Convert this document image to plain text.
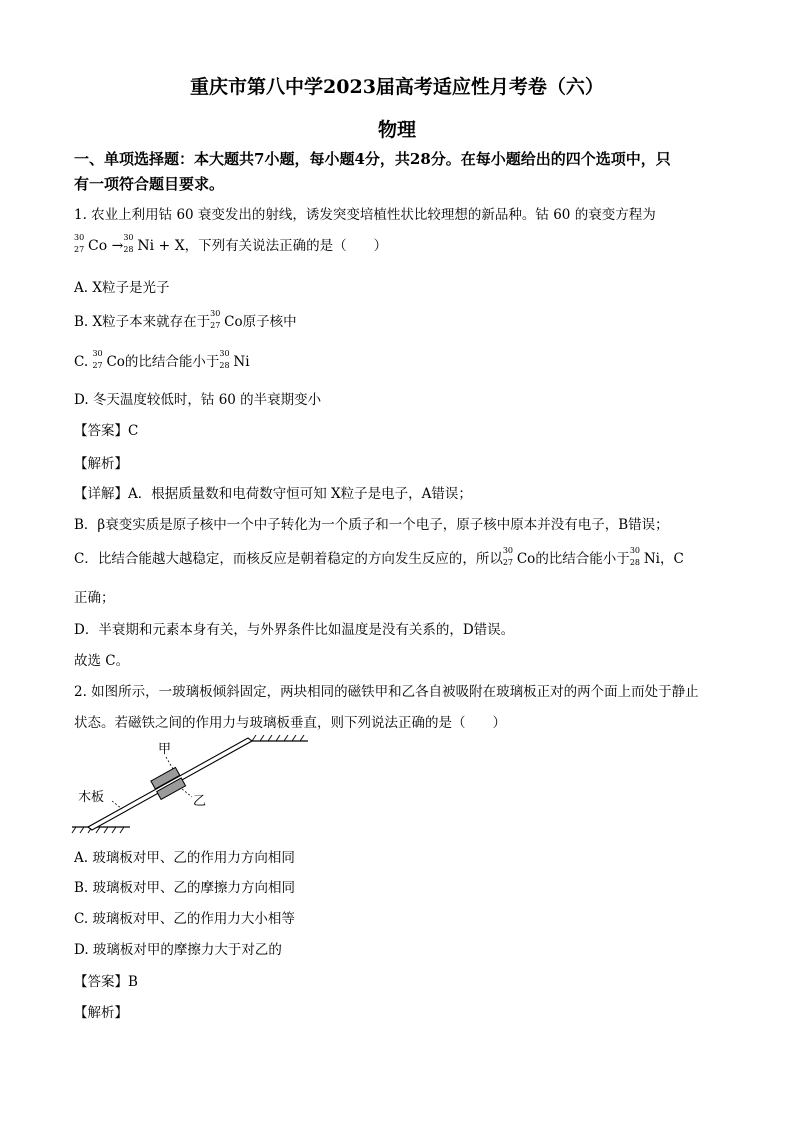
重庆市第八中学2023届高考适应性月考卷（六）
物理
一、单项选择题：本大题共7小题，每小题4分，共28分。在每小题给出的四个选项中，只
有一项符合题目要求。
1. 农业上利用钴 60 衰变发出的射线，诱发突变培植性状比较理想的新品种。钴 60 的衰变方程为
30
27 Co →
30
28 Ni + X，下列有关说法正确的是（　　）
A. X粒子是光子
B. X粒子本来就存在于
30
27 Co原子核中
C.
30
27 Co的比结合能小于
30
28 Ni
D. 冬天温度较低时，钴 60 的半衰期变小
【答案】C
【解析】
【详解】A．根据质量数和电荷数守恒可知 X粒子是电子，A错误；
B．β衰变实质是原子核中一个中子转化为一个质子和一个电子，原子核中原本并没有电子，B错误；
C．比结合能越大越稳定，而核反应是朝着稳定的方向发生反应的，所以
30
27 Co的比结合能小于
30
28 Ni，C
正确；
D．半衰期和元素本身有关，与外界条件比如温度是没有关系的，D错误。
故选 C。
2. 如图所示，一玻璃板倾斜固定，两块相同的磁铁甲和乙各自被吸附在玻璃板正对的两个面上而处于静止
状态。若磁铁之间的作用力与玻璃板垂直，则下列说法正确的是（　　）
甲
乙
木板
A. 玻璃板对甲、乙的作用力方向相同
B. 玻璃板对甲、乙的摩擦力方向相同
C. 玻璃板对甲、乙的作用力大小相等
D. 玻璃板对甲的摩擦力大于对乙的
【答案】B
【解析】
